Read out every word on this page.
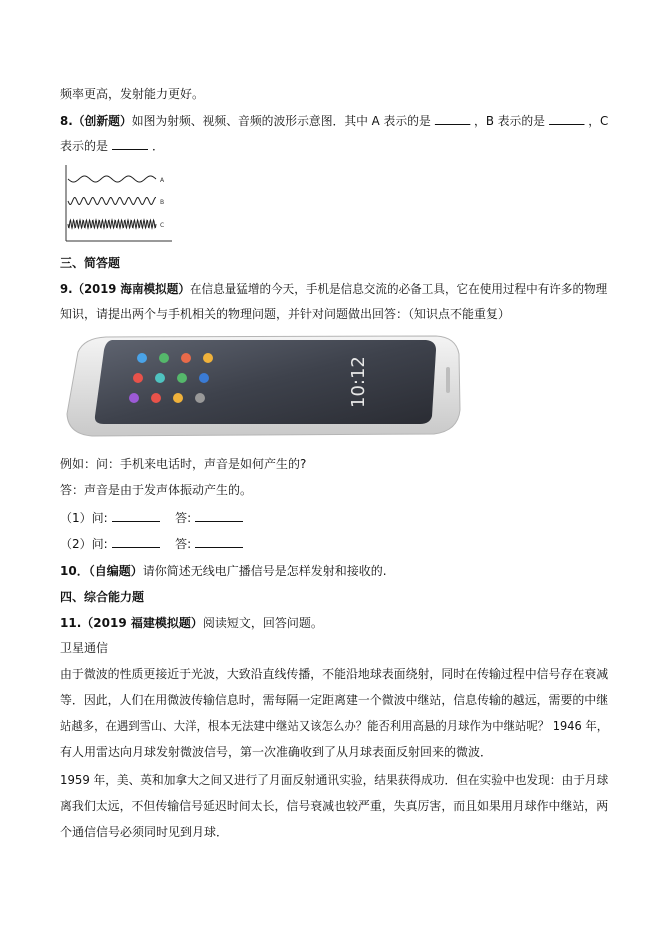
频率更高，发射能力更好。
8.（创新题）如图为射频、视频、音频的波形示意图．其中 A 表示的是	，B 表示的是	，C
表示的是	．
A
B
C
三、简答题
9.（2019 海南模拟题）在信息量猛增的今天，手机是信息交流的必备工具，它在使用过程中有许多的物理
知识，请提出两个与手机相关的物理问题，并针对问题做出回答：（知识点不能重复）
10:12
例如：问：手机来电话时，声音是如何产生的?
答：声音是由于发声体振动产生的。
（1）问:	答:
（2）问:	答:
10．（自编题）请你简述无线电广播信号是怎样发射和接收的.
四、综合能力题
11.（2019 福建模拟题）阅读短文，回答问题。
卫星通信
由于微波的性质更接近于光波，大致沿直线传播，不能沿地球表面绕射，同时在传输过程中信号存在衰减
等．因此，人们在用微波传输信息时，需每隔一定距离建一个微波中继站，信息传输的越远，需要的中继
站越多，在遇到雪山、大洋，根本无法建中继站又该怎么办？能否利用高悬的月球作为中继站呢？ 1946 年，
有人用雷达向月球发射微波信号，第一次准确收到了从月球表面反射回来的微波．
1959 年，美、英和加拿大之间又进行了月面反射通讯实验，结果获得成功．但在实验中也发现：由于月球
离我们太远，不但传输信号延迟时间太长，信号衰减也较严重，失真厉害，而且如果用月球作中继站，两
个通信信号必须同时见到月球．
